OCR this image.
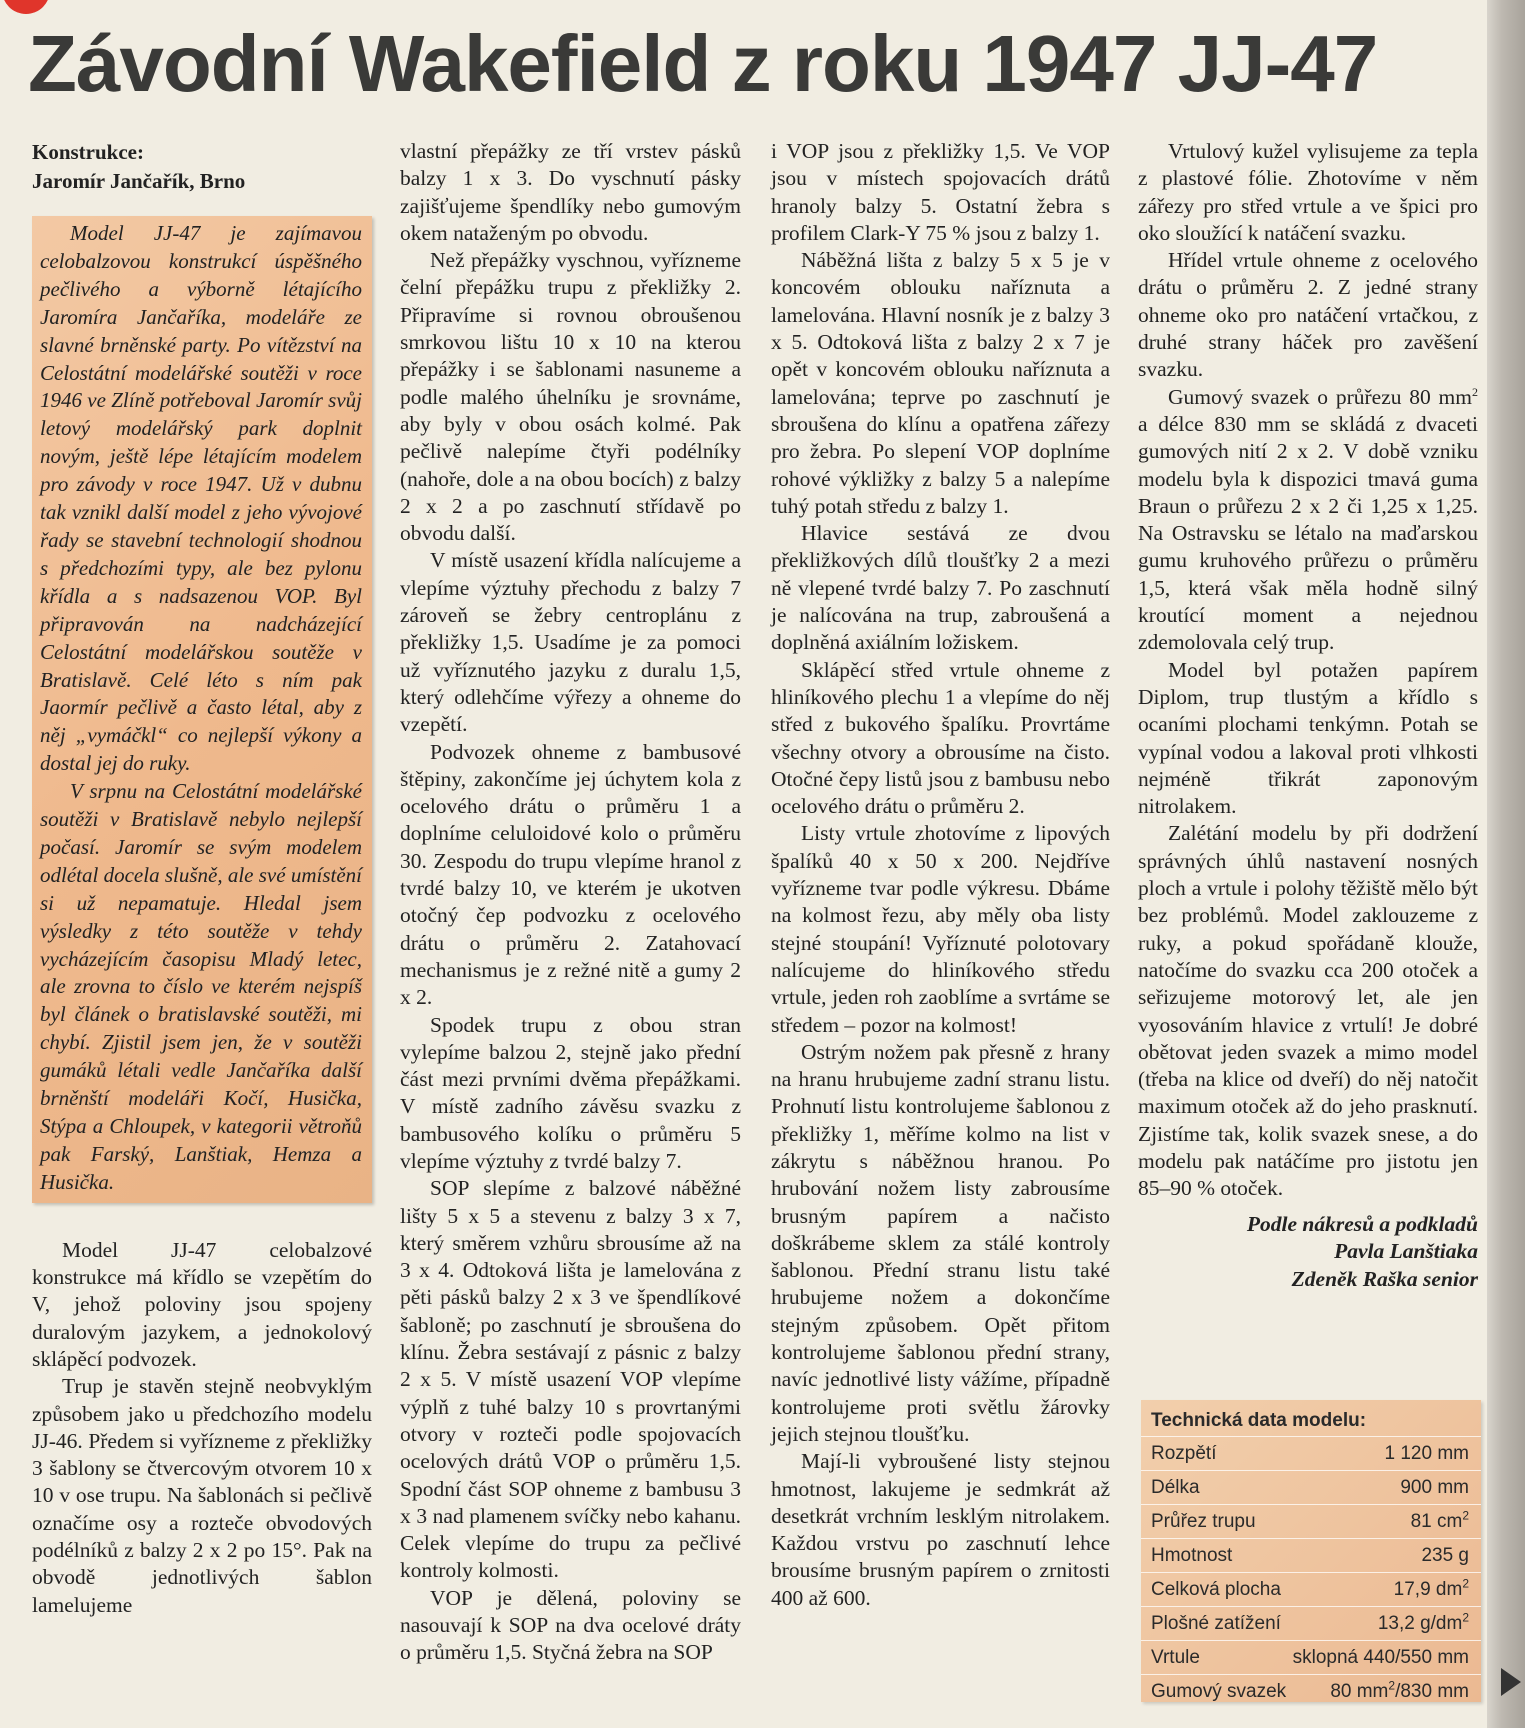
Závodní Wakefield z roku 1947 JJ-47
Konstrukce:
Jaromír Jančařík, Brno

Model JJ-47 je zajímavou celobalzovou konstrukcí úspěšného pečlivého a výborně létajícího Jaromíra Jančaříka, modeláře ze slavné brněnské party. Po vítězství na Celostátní modelářské soutěži v roce 1946 ve Zlíně potřeboval Jaromír svůj letový modelářský park doplnit novým, ještě lépe létajícím modelem pro závody v roce 1947. Už v dubnu tak vznikl další model z jeho vývojové řady se stavební technologií shodnou s předchozími typy, ale bez pylonu křídla a s nadsazenou VOP. Byl připravován na nadcházející Celostátní modelářskou soutěže v Bratislavě. Celé léto s ním pak Jaormír pečlivě a často létal, aby z něj „vymáčkl“ co nejlepší výkony a dostal jej do ruky.

V srpnu na Celostátní modelářské soutěži v Bratislavě nebylo nejlepší počasí. Jaromír se svým modelem odlétal docela slušně, ale své umístění si už nepamatuje. Hledal jsem výsledky z této soutěže v tehdy vycházejícím časopisu Mladý letec, ale zrovna to číslo ve kterém nejspíš byl článek o bratislavské soutěži, mi chybí. Zjistil jsem jen, že v soutěži gumáků létali vedle Jančaříka další brněnští modeláři Kočí, Husička, Stýpa a Chloupek, v kategorii větroňů pak Farský, Lanštiak, Hemza a Husička.

Model JJ-47 celobalzové konstrukce má křídlo se vzepětím do V, jehož poloviny jsou spojeny duralovým jazykem, a jednokolový sklápěcí podvozek.

Trup je stavěn stejně neobvyklým způsobem jako u předchozího modelu JJ-46. Předem si vyřízneme z překližky 3 šablony se čtvercovým otvorem 10 x 10 v ose trupu. Na šablonách si pečlivě označíme osy a rozteče obvodových podélníků z balzy 2 x 2 po 15°. Pak na obvodě jednotlivých šablon lamelujeme

vlastní přepážky ze tří vrstev pásků balzy 1 x 3. Do vyschnutí pásky zajišťujeme špendlíky nebo gumovým okem nataženým po obvodu.

Než přepážky vyschnou, vyřízneme čelní přepážku trupu z překližky 2. Připravíme si rovnou obroušenou smrkovou lištu 10 x 10 na kterou přepážky i se šablonami nasuneme a podle malého úhelníku je srovnáme, aby byly v obou osách kolmé. Pak pečlivě nalepíme čtyři podélníky (nahoře, dole a na obou bocích) z balzy 2 x 2 a po zaschnutí střídavě po obvodu další.

V místě usazení křídla nalícujeme a vlepíme výztuhy přechodu z balzy 7 zároveň se žebry centroplánu z překližky 1,5. Usadíme je za pomoci už vyříznutého jazyku z duralu 1,5, který odlehčíme výřezy a ohneme do vzepětí.

Podvozek ohneme z bambusové štěpiny, zakončíme jej úchytem kola z ocelového drátu o průměru 1 a doplníme celuloidové kolo o průměru 30. Zespodu do trupu vlepíme hranol z tvrdé balzy 10, ve kterém je ukotven otočný čep podvozku z ocelového drátu o průměru 2. Zatahovací mechanismus je z režné nitě a gumy 2 x 2.

Spodek trupu z obou stran vylepíme balzou 2, stejně jako přední část mezi prvními dvěma přepážkami. V místě zadního závěsu svazku z bambusového kolíku o průměru 5 vlepíme výztuhy z tvrdé balzy 7.

SOP slepíme z balzové náběžné lišty 5 x 5 a stevenu z balzy 3 x 7, který směrem vzhůru sbrousíme až na 3 x 4. Odtoková lišta je lamelována z pěti pásků balzy 2 x 3 ve špendlíkové šabloně; po zaschnutí je sbroušena do klínu. Žebra sestávají z pásnic z balzy 2 x 5. V místě usazení VOP vlepíme výplň z tuhé balzy 10 s provrtanými otvory v rozteči podle spojovacích ocelových drátů VOP o průměru 1,5. Spodní část SOP ohneme z bambusu 3 x 3 nad plamenem svíčky nebo kahanu. Celek vlepíme do trupu za pečlivé kontroly kolmosti.

VOP je dělená, poloviny se nasouvají k SOP na dva ocelové dráty o průměru 1,5. Styčná žebra na SOP

i VOP jsou z překližky 1,5. Ve VOP jsou v místech spojovacích drátů hranoly balzy 5. Ostatní žebra s profilem Clark-Y 75 % jsou z balzy 1.

Náběžná lišta z balzy 5 x 5 je v koncovém oblouku naříznuta a lamelována. Hlavní nosník je z balzy 3 x 5. Odtoková lišta z balzy 2 x 7 je opět v koncovém oblouku naříznuta a lamelována; teprve po zaschnutí je sbroušena do klínu a opatřena zářezy pro žebra. Po slepení VOP doplníme rohové výkližky z balzy 5 a nalepíme tuhý potah středu z balzy 1.

Hlavice sestává ze dvou překližkových dílů tloušťky 2 a mezi ně vlepené tvrdé balzy 7. Po zaschnutí je nalícována na trup, zabroušená a doplněná axiálním ložiskem.

Sklápěcí střed vrtule ohneme z hliníkového plechu 1 a vlepíme do něj střed z bukového špalíku. Provrtáme všechny otvory a obrousíme na čisto. Otočné čepy listů jsou z bambusu nebo ocelového drátu o průměru 2.

Listy vrtule zhotovíme z lipových špalíků 40 x 50 x 200. Nejdříve vyřízneme tvar podle výkresu. Dbáme na kolmost řezu, aby měly oba listy stejné stoupání! Vyříznuté polotovary nalícujeme do hliníkového středu vrtule, jeden roh zaoblíme a svrtáme se středem – pozor na kolmost!

Ostrým nožem pak přesně z hrany na hranu hrubujeme zadní stranu listu. Prohnutí listu kontrolujeme šablonou z překližky 1, měříme kolmo na list v zákrytu s náběžnou hranou. Po hrubování nožem listy zabrousíme brusným papírem a načisto doškrábeme sklem za stálé kontroly šablonou. Přední stranu listu také hrubujeme nožem a dokončíme stejným způsobem. Opět přitom kontrolujeme šablonou přední strany, navíc jednotlivé listy vážíme, případně kontrolujeme proti světlu žárovky jejich stejnou tloušťku.

Mají-li vybroušené listy stejnou hmotnost, lakujeme je sedmkrát až desetkrát vrchním lesklým nitrolakem. Každou vrstvu po zaschnutí lehce brousíme brusným papírem o zrnitosti 400 až 600.

Vrtulový kužel vylisujeme za tepla z plastové fólie. Zhotovíme v něm zářezy pro střed vrtule a ve špici pro oko sloužící k natáčení svazku.

Hřídel vrtule ohneme z ocelového drátu o průměru 2. Z jedné strany ohneme oko pro natáčení vrtačkou, z druhé strany háček pro zavěšení svazku.

Gumový svazek o průřezu 80 $mm^2$ a délce 830 mm se skládá z dvaceti gumových nití 2 x 2. V době vzniku modelu byla k dispozici tmavá guma Braun o průřezu 2 x 2 či 1,25 x 1,25. Na Ostravsku se létalo na maďarskou gumu kruhového průřezu o průměru 1,5, která však měla hodně silný kroutící moment a nejednou zdemolovala celý trup.

Model byl potažen papírem Diplom, trup tlustým a křídlo s ocaními plochami tenkýmn. Potah se vypínal vodou a lakoval proti vlhkosti nejméně třikrát zaponovým nitrolakem.

Zalétání modelu by při dodržení správných úhlů nastavení nosných ploch a vrtule i polohy těžiště mělo být bez problémů. Model zaklouzeme z ruky, a pokud spořádaně klouže, natočíme do svazku cca 200 otoček a seřizujeme motorový let, ale jen vyosováním hlavice z vrtulí! Je dobré obětovat jeden svazek a mimo model (třeba na klice od dveří) do něj natočit maximum otoček až do jeho prasknutí. Zjistíme tak, kolik svazek snese, a do modelu pak natáčíme pro jistotu jen 85–90 % otoček.

Podle nákresů a podkladů
Pavla Lanštiaka
Zdeněk Raška senior
Technická data modelu:
Rozpětí	1 120 mm
Délka	900 mm
Průřez trupu	81 $cm^2$
Hmotnost	235 g
Celková plocha	17,9 $dm^2$
Plošné zatížení	13,2 $g/dm^2$
Vrtule	sklopná 440/550 mm
Gumový svazek 80 $mm^2/830$ mm
